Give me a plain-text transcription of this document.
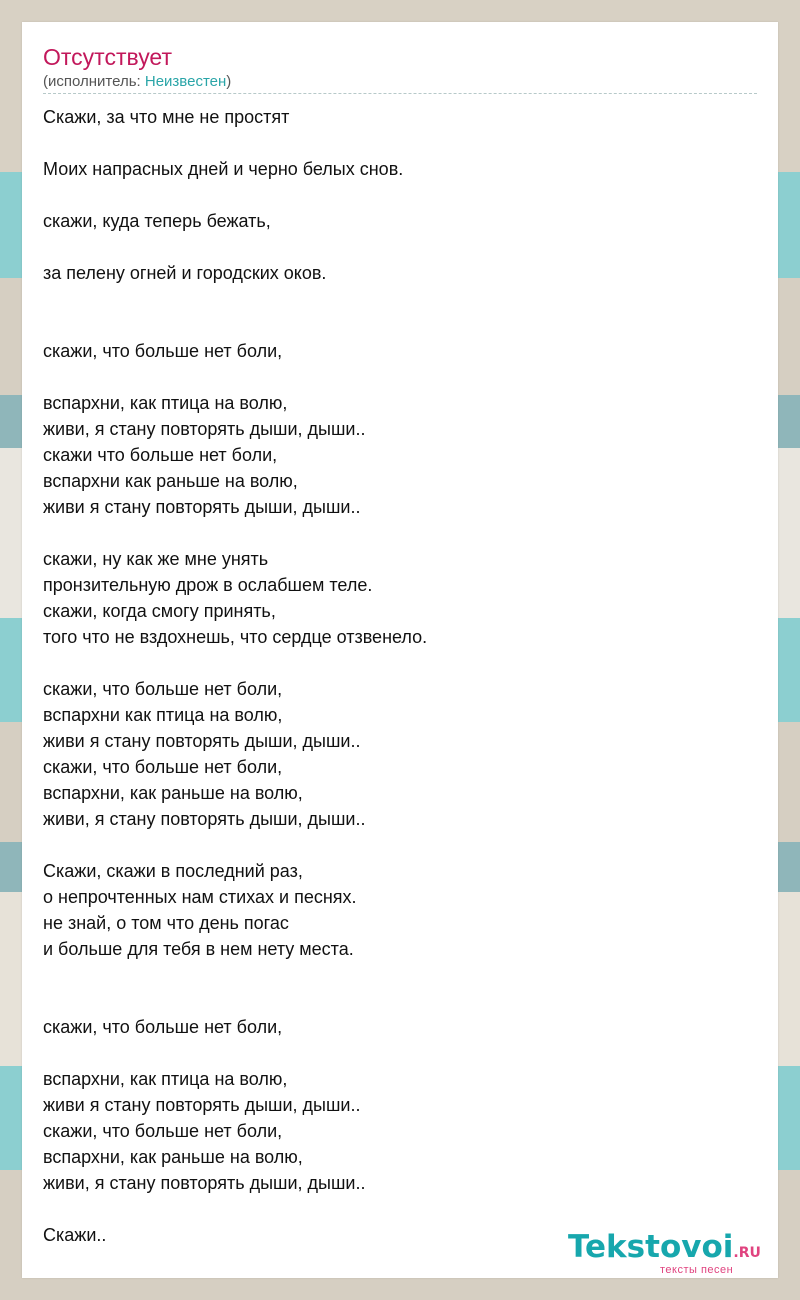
Отсутствует
(исполнитель: Неизвестен)
Скажи, за что мне не простят
Моих напрасных дней и черно белых снов.
скажи, куда теперь бежать,
за пелену огней и городских оков.
скажи, что больше нет боли,
вспархни, как птица на волю,
живи, я стану повторять дыши, дыши..
скажи что больше нет боли,
вспархни как раньше на волю,
живи я стану повторять дыши, дыши..
скажи, ну как же мне унять
пронзительную дрож в ослабшем теле.
скажи, когда смогу принять,
того что не вздохнешь, что сердце отзвенело.
скажи, что больше нет боли,
вспархни как птица на волю,
живи я стану повторять дыши, дыши..
скажи, что больше нет боли,
вспархни, как раньше на волю,
живи, я стану повторять дыши, дыши..
Скажи, скажи в последний раз,
о непрочтенных нам стихах и песнях.
не знай, о том что день погас
и больше для тебя в нем нету места.
скажи, что больше нет боли,
вспархни, как птица на волю,
живи я стану повторять дыши, дыши..
скажи, что больше нет боли,
вспархни, как раньше на волю,
живи, я стану повторять дыши, дыши..
Скажи..	Tekstovoi.RU
тексты песен
